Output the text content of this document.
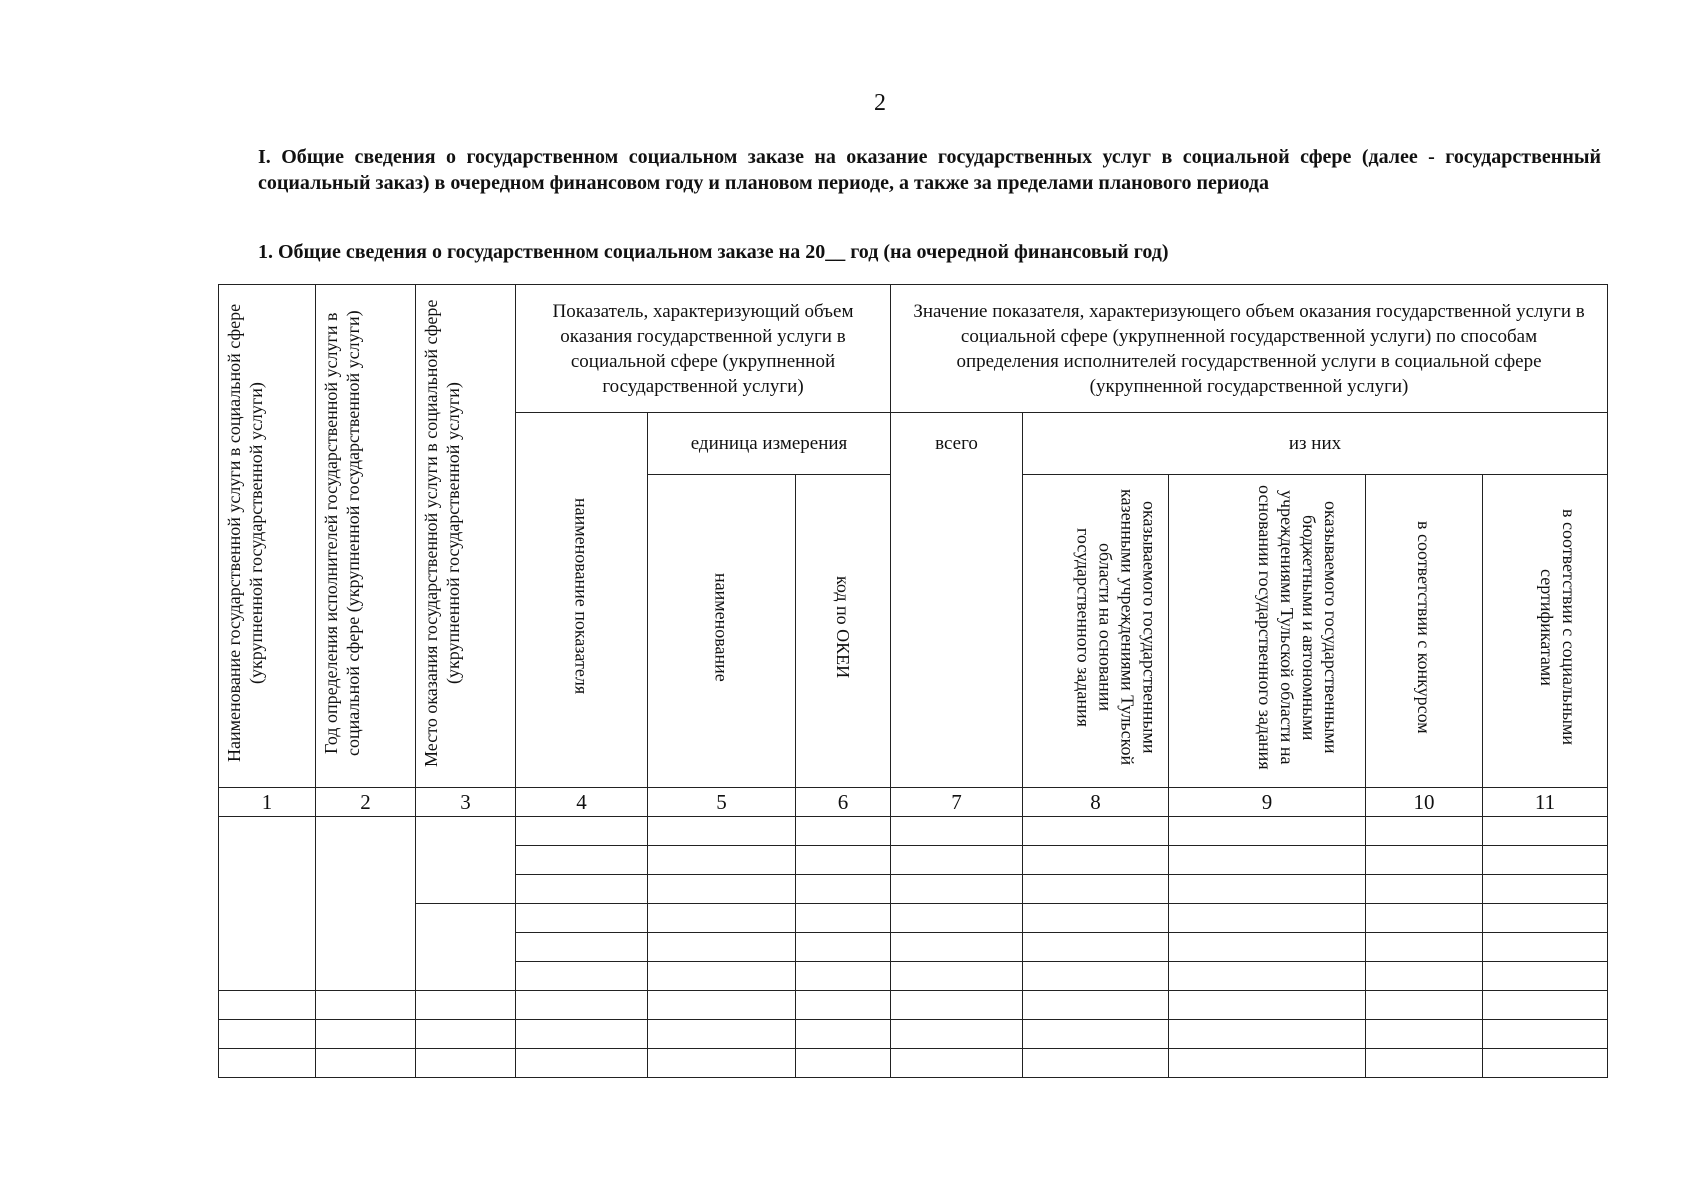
2

I. Общие сведения о государственном социальном заказе на оказание государственных услуг в социальной сфере (далее - государственный социальный заказ) в очередном финансовом году и плановом периоде, а также за пределами планового периода

1. Общие сведения о государственном социальном заказе на 20__ год (на очередной финансовый год)

Наименование государственной услуги в социальной сфере (укрупненной государственной услуги)	Год определения исполнителей государственной услуги в социальной сфере (укрупненной государственной услуги)	Место оказания государственной услуги в социальной сфере (укрупненной государственной услуги)	Показатель, характеризующий объем оказания государственной услуги в социальной сфере (укрупненной государственной услуги)			Значение показателя, характеризующего объем оказания государственной услуги в социальной сфере (укрупненной государственной услуги) по способам определения исполнителей государственной услуги в социальной сфере (укрупненной государственной услуги)				
			наименование показателя	единица измерения		всего	из них			
				наименование	код по ОКЕИ		оказываемого государственными казенными учреждениями Тульской области на основании государственного задания	оказываемого государственными бюджетными и автономными учреждениями Тульской области на основании государственного задания	в соответствии с конкурсом	в соответствии с социальными сертификатами
1	2	3	4	5	6	7	8	9	10	11
